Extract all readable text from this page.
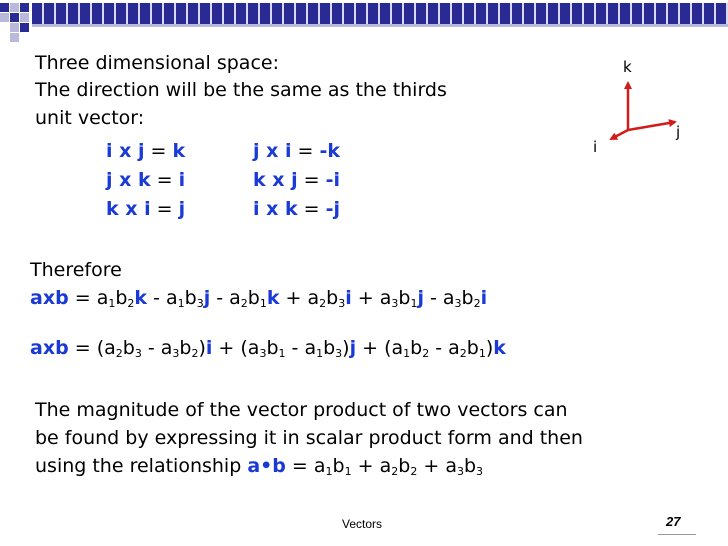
Three dimensional space:
The direction will be the same as the thirds
unit vector:
i x j = k	j x i = -k
j x k = i	k x j = -i
k x i = j	i x k = -j
k
j
i
Therefore
axb = $a_1b_2k - a_1b_3j - a_2b_1k + a_2b_3i + a_3b_1j - a_3b_2i$
axb = $(a_2b_3 - a_3b_2)i + (a_3b_1 - a_1b_3)j + (a_1b_2 - a_2b_1)k$
The magnitude of the vector product of two vectors can
be found by expressing it in scalar product form and then
using the relationship a•b = $a_1b_1 + a_2b_2 + a_3b_3$
Vectors	27
